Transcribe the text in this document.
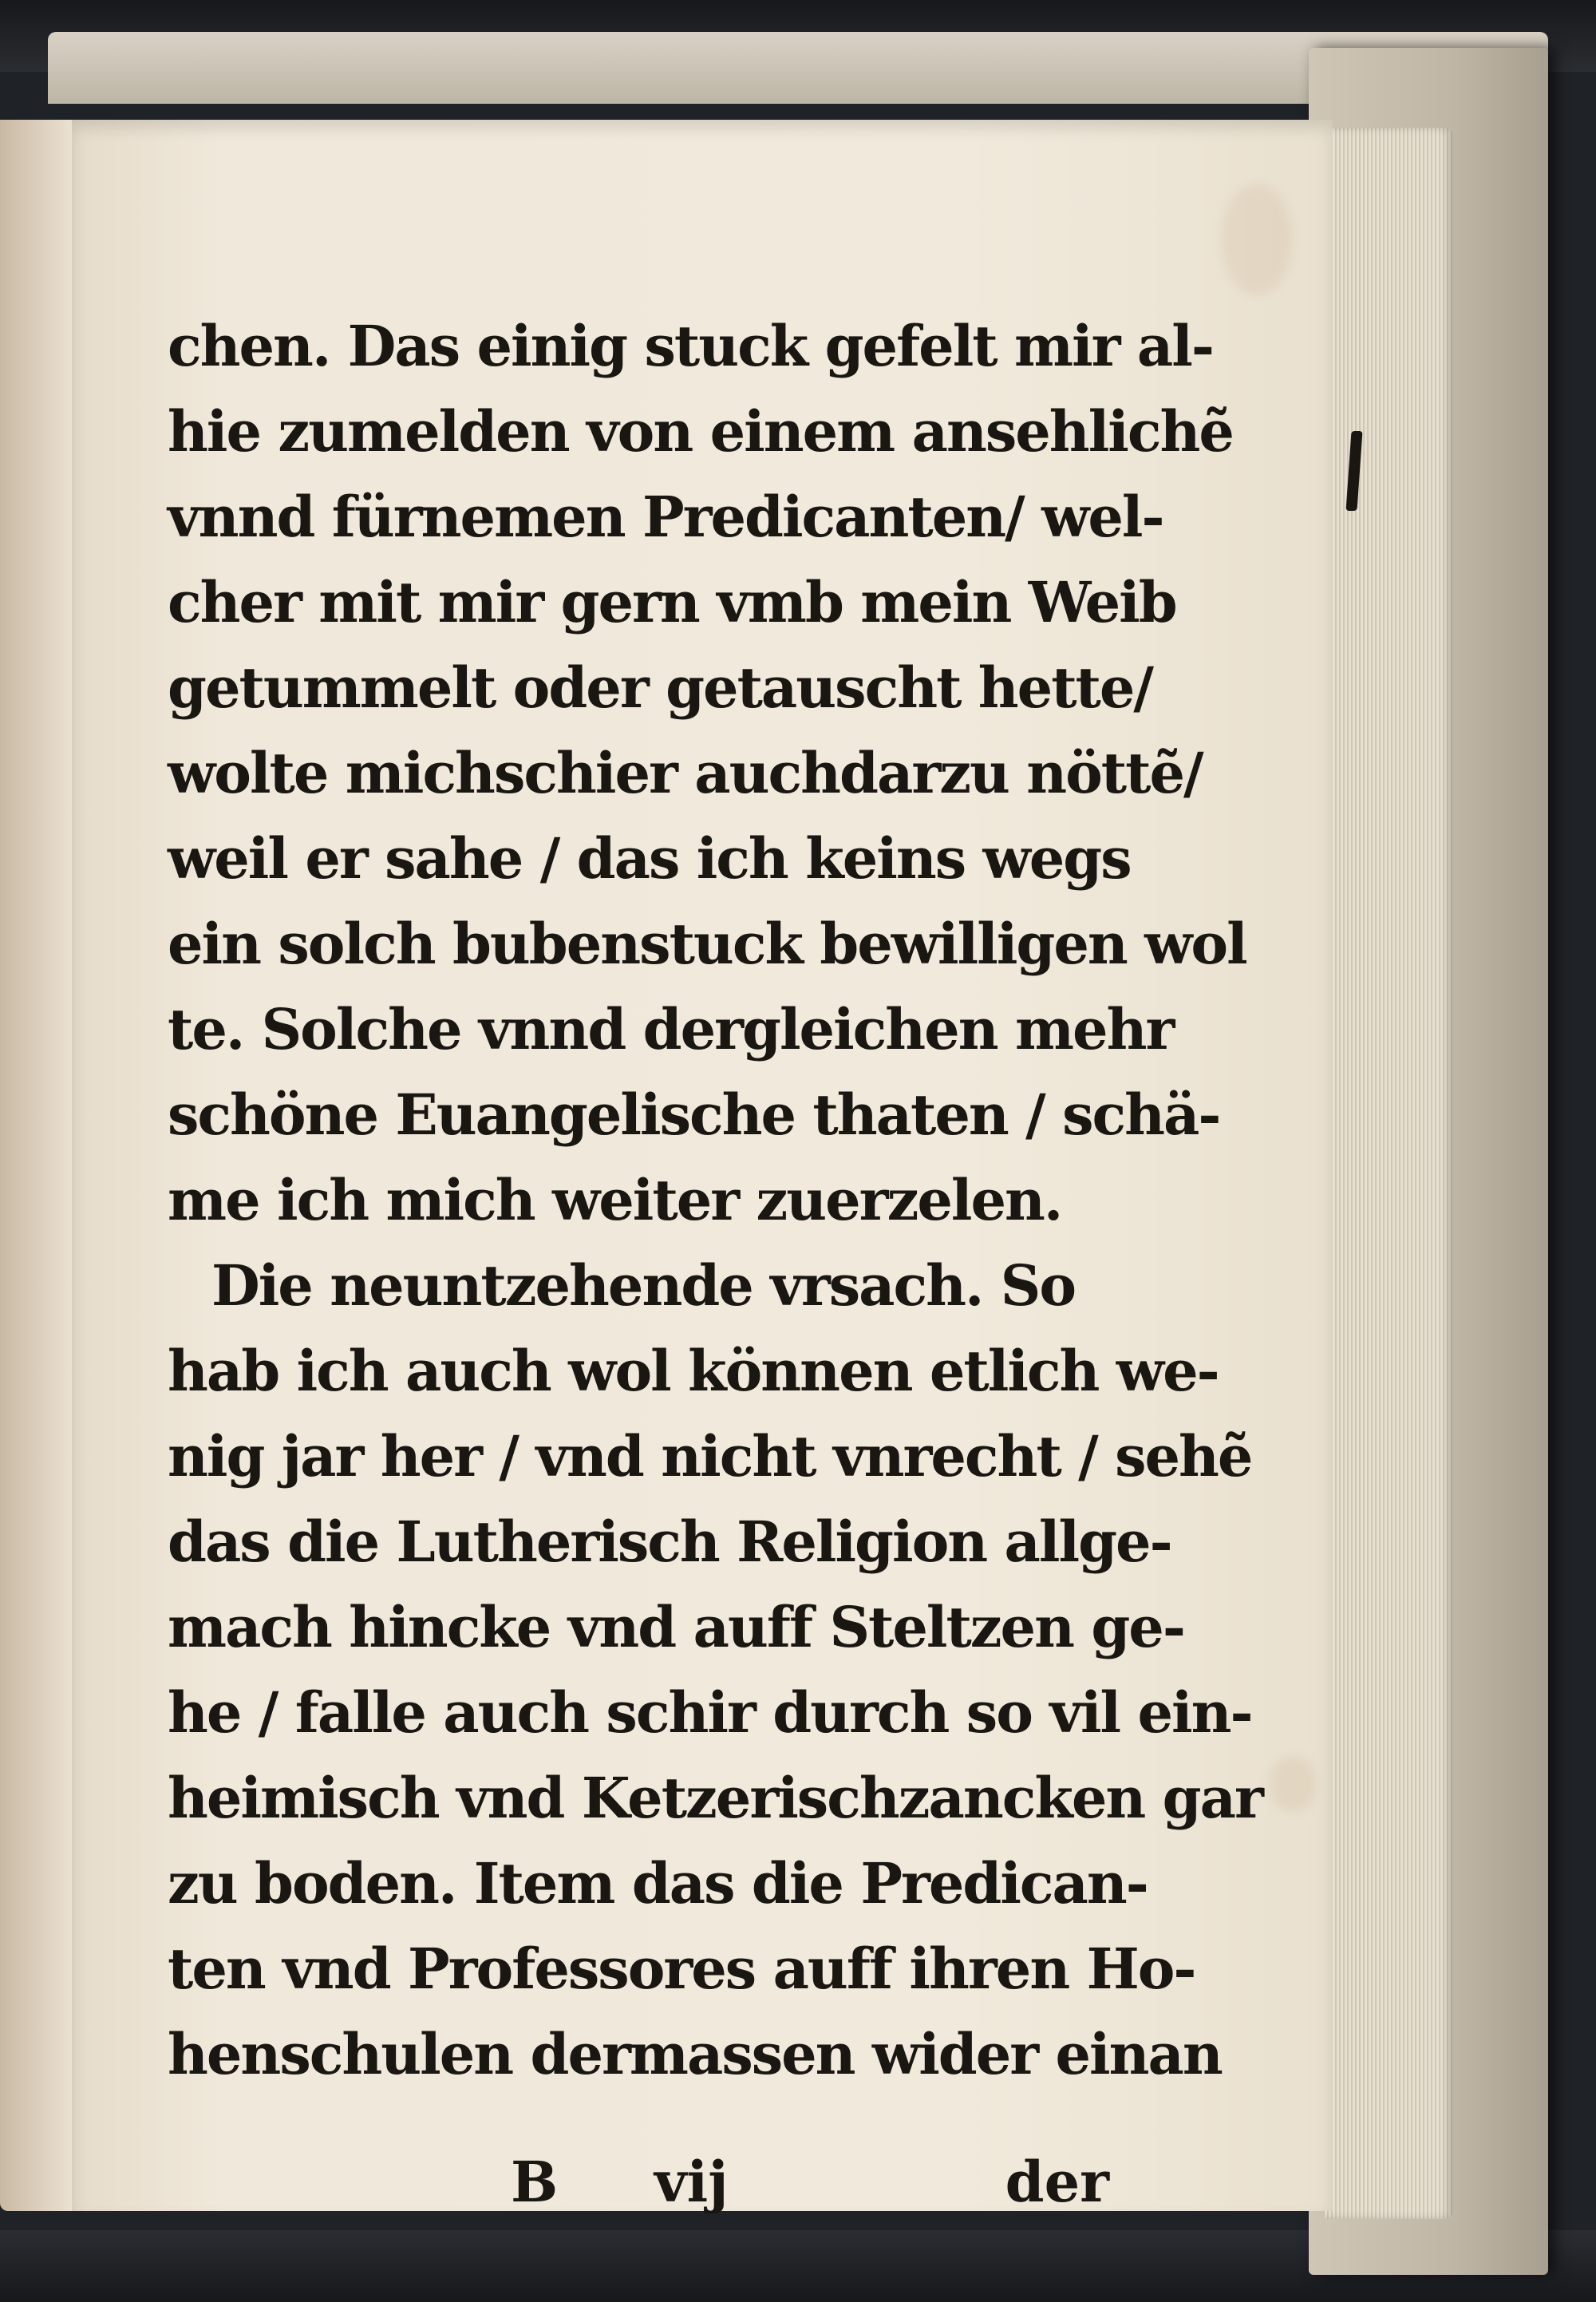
chen. Das einig stuck gefelt mir al-
hie zumelden von einem ansehlichẽ
vnnd fürnemen Predicanten/ wel-
cher mit mir gern vmb mein Weib
getummelt oder getauscht hette/
wolte michschier auchdarzu nöttẽ/
weil er sahe / das ich keins wegs
ein solch bubenstuck bewilligen wol
te. Solche vnnd dergleichen mehr
schöne Euangelische thaten / schä-
me ich mich weiter zuerzelen.
Die neuntzehende vrsach. So
hab ich auch wol können etlich we-
nig jar her / vnd nicht vnrecht / sehẽ
das die Lutherisch Religion allge-
mach hincke vnd auff Steltzen ge-
he / falle auch schir durch so vil ein-
heimisch vnd Ketzerischzancken gar
zu boden. Item das die Predican-
ten vnd Professores auff ihren Ho-
henschulen dermassen wider einan
B vij	der
